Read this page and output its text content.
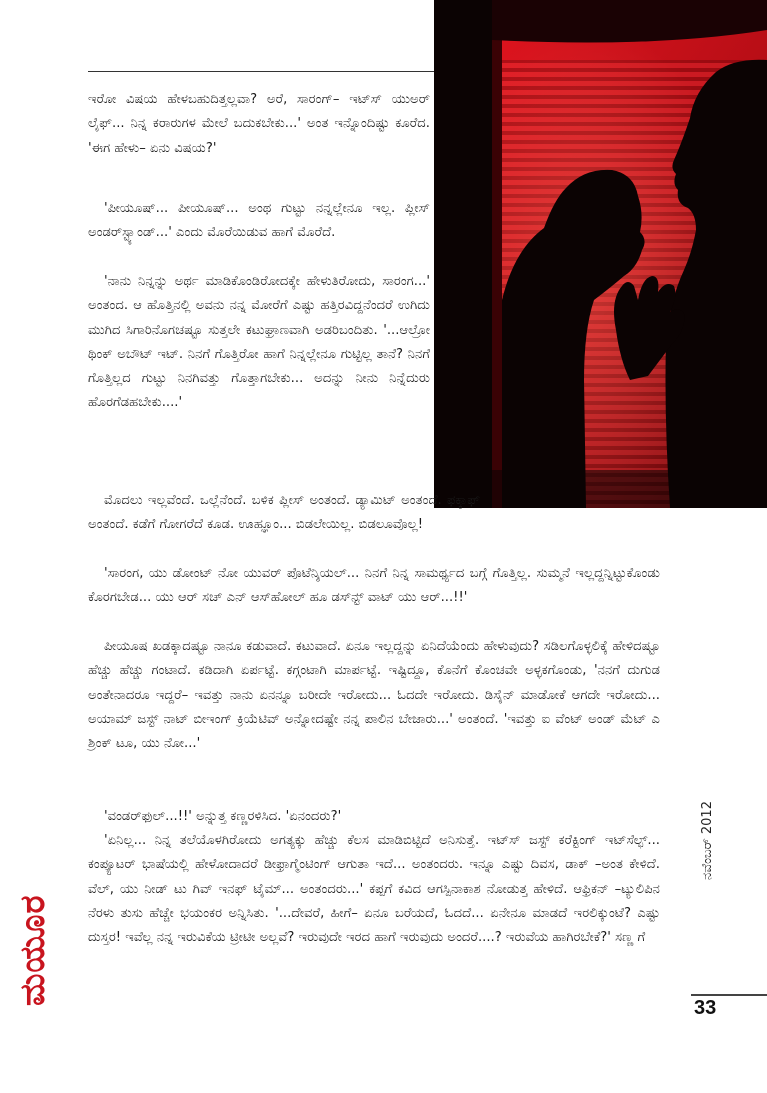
ಇರೋ ವಿಷಯ ಹೇಳಬಹುದಿತ್ತಲ್ಲವಾ? ಅರೆ, ಸಾರಂಗ್– ಇಟ್‌ಸ್ ಯುಅರ್ ಲೈಫ್... ನಿನ್ನ ಕರಾರುಗಳ ಮೇಲೆ ಬದುಕಬೇಕು...' ಅಂತ ಇನ್ನೊಂದಿಷ್ಟು ಕೂರೆದ. 'ಈಗ ಹೇಳು– ಏನು ವಿಷಯ?'

'ಪೀಯೂಷ್... ಪೀಯೂಷ್... ಅಂಥ ಗುಟ್ಟು ನನ್ನಲ್ಲೇನೂ ಇಲ್ಲ. ಪ್ಲೀಸ್ ಅಂಡರ್‌ಸ್ಟ್ಯಾಂಡ್...' ಎಂದು ಮೊರೆಯಿಡುವ ಹಾಗೆ ಮೊರೆದೆ.

'ನಾನು ನಿನ್ನನ್ನು ಅರ್ಥ ಮಾಡಿಕೊಂಡಿರೋದಕ್ಕೇ ಹೇಳುತಿರೋದು, ಸಾರಂಗ...' ಅಂತಂದ. ಆ ಹೊತ್ತಿನಲ್ಲಿ ಅವನು ನನ್ನ ಮೋರೆಗೆ ಎಷ್ಟು ಹತ್ತಿರವಿದ್ದನೆಂದರೆ ಉಗಿದು ಮುಗಿದ ಸಿಗಾರಿನೊಗಚಷ್ಟೂ ಸುತ್ತಲೇ ಕಟುಘ್ರಾಣವಾಗಿ ಅಡರಿಬಂದಿತು. '...ಆಲ್ರೋ ಥಿಂಕ್ ಅಬೌಟ್ ಇಟ್. ನಿನಗೆ ಗೊತ್ತಿರೋ ಹಾಗೆ ನಿನ್ನಲ್ಲೇನೂ ಗುಟ್ಟಿಲ್ಲ ತಾನೆ? ನಿನಗೆ ಗೊತ್ತಿಲ್ಲದ ಗುಟ್ಟು ನಿನಗಿವತ್ತು ಗೊತ್ತಾಗಬೇಕು... ಅದನ್ನು ನೀನು ನಿನ್ನೆದುರು ಹೊರಗೆಡಹಬೇಕು....'

ಮೊದಲು ಇಲ್ಲವೆಂದೆ. ಒಲ್ಲೆನೆಂದೆ. ಬಳಿಕ ಪ್ಲೀಸ್ ಅಂತಂದೆ. ಡ್ಯಾಮಿಟ್ ಅಂತಂದೆ. ಫಕ್ಕಾಫ್ ಅಂತಂದೆ. ಕಡೆಗೆ ಗೋಗರೆದೆ ಕೂಡ. ಊಹ್ಞೂಂ... ಬಿಡಲೇಯಿಲ್ಲ. ಬಿಡಲೂವೊಲ್ಲ!

'ಸಾರಂಗ, ಯು ಡೋಂಟ್ ನೋ ಯುವರ್ ಪೊಟೆನ್ಶಿಯಲ್... ನಿನಗೆ ನಿನ್ನ ಸಾಮರ್ಥ್ಯದ ಬಗ್ಗೆ ಗೊತ್ತಿಲ್ಲ. ಸುಮ್ಮನೆ ಇಲ್ಲದ್ದನ್ನಿಟ್ಟುಕೊಂಡು ಕೊರಗಬೇಡ... ಯು ಆರ್ ಸಚ್ ಎನ್ ಆಸ್‌ಹೋಲ್ ಹೂ ಡಸ್‌ನ್ಟ್ ವಾಟ್ ಯು ಆರ್...!!'

ಪೀಯೂಷ ಖಡಕ್ಕಾದಷ್ಟೂ ನಾನೂ ಕಡುವಾದೆ. ಕಟುವಾದೆ. ಏನೂ ಇಲ್ಲದ್ದನ್ನು ಏನಿದೆಯೆಂದು ಹೇಳುವುದು? ಸಡಿಲಗೊಳ್ಳಲಿಕ್ಕೆ ಹೇಳಿದಷ್ಟೂ ಹೆಚ್ಚು ಹೆಚ್ಚು ಗಂಟಾದೆ. ಕಡಿದಾಗಿ ಏರ್ಪಟ್ಟೆ. ಕಗ್ಗಂಟಾಗಿ ಮಾರ್ಪಟ್ಟೆ. ಇಷ್ಟಿದ್ದೂ, ಕೊನೆಗೆ ಕೊಂಚವೇ ಅಳ್ಳಕಗೊಂಡು, 'ನನಗೆ ದುಗುಡ ಅಂತೇನಾದರೂ ಇದ್ದರೆ– ಇವತ್ತು ನಾನು ಏನನ್ನೂ ಬರೀದೇ ಇರೋದು... ಓದದೇ ಇರೋದು. ಡಿಸೈನ್ ಮಾಡೋಕೆ ಆಗದೇ ಇರೋದು... ಅಯಾಮ್ ಜಸ್ಟ್ ನಾಟ್ ಬೀಇಂಗ್ ಕ್ರಿಯೆಟಿವ್ ಅನ್ನೋದಷ್ಟೇ ನನ್ನ ಪಾಲಿನ ಬೇಜಾರು...' ಅಂತಂದೆ. 'ಇವತ್ತು ಐ ವೆಂಟ್ ಅಂಡ್ ಮೆಟ್ ಎ ಶ್ರಿಂಕ್ ಟೂ, ಯು ನೋ...'

'ವಂಡರ್‌ಫುಲ್...!!' ಅನ್ನುತ್ತ ಕಣ್ಣರಳಿಸಿದ. 'ಏನಂದರು?'

'ಏನಿಲ್ಲ... ನಿನ್ನ ತಲೆಯೊಳಗಿರೋದು ಅಗತ್ಯಕ್ಕು ಹೆಚ್ಚು ಕೆಲಸ ಮಾಡಿಬಿಟ್ಟಿದೆ ಅನಿಸುತ್ತೆ. ಇಟ್‌ಸ್ ಜಸ್ಟ್ ಕರೆಕ್ಟಿಂಗ್ ಇಟ್‌ಸೆಲ್ಫ್... ಕಂಪ್ಯೂಟರ್ ಭಾಷೆಯಲ್ಲಿ ಹೇಳೋದಾದರೆ ಡೀಫ್ರಾಗ್ಮೆಂಟಿಂಗ್ ಆಗುತಾ ಇದೆ... ಅಂತಂದರು. ಇನ್ನೂ ಎಷ್ಟು ದಿವಸ, ಡಾಕ್ –ಅಂತ ಕೇಳಿದೆ. ವೆಲ್, ಯು ನೀಡ್ ಟು ಗಿವ್ ಇನಫ್ ಟೈಮ್... ಅಂತಂದರು...' ಕಪ್ಪಗೆ ಕವಿದ ಆಗಸ್ಪಿನಾಕಾಶ ನೋಡುತ್ತ ಹೇಳಿದೆ. ಆಫ್ರಿಕನ್ –ಟ್ಯುಲಿಪಿನ ನೆರಳು ತುಸು ಹೆಚ್ಚೇ ಭಯಂಕರ ಅನ್ನಿಸಿತು. '...ದೇವರೆ, ಹೀಗೆ– ಏನೂ ಬರೆಯದೆ, ಓದದೆ... ಏನೇನೂ ಮಾಡದೆ ಇರಲಿಕ್ಕುಂಟೆ? ಎಷ್ಟು ದುಸ್ತರ! ಇವೆಲ್ಲ ನನ್ನ ಇರುವಿಕೆಯ ಟ್ರೀಟೀ ಅಲ್ಲವೆ? ಇರುವುದೇ ಇರದ ಹಾಗೆ ಇರುವುದು ಅಂದರೆ....? ಇರುವೆಯ ಹಾಗಿರಬೇಕೆ?' ಸಣ್ಣ ಗೆ

ಮಯೂರ
ನವೆಂಬರ್ 2012
33
